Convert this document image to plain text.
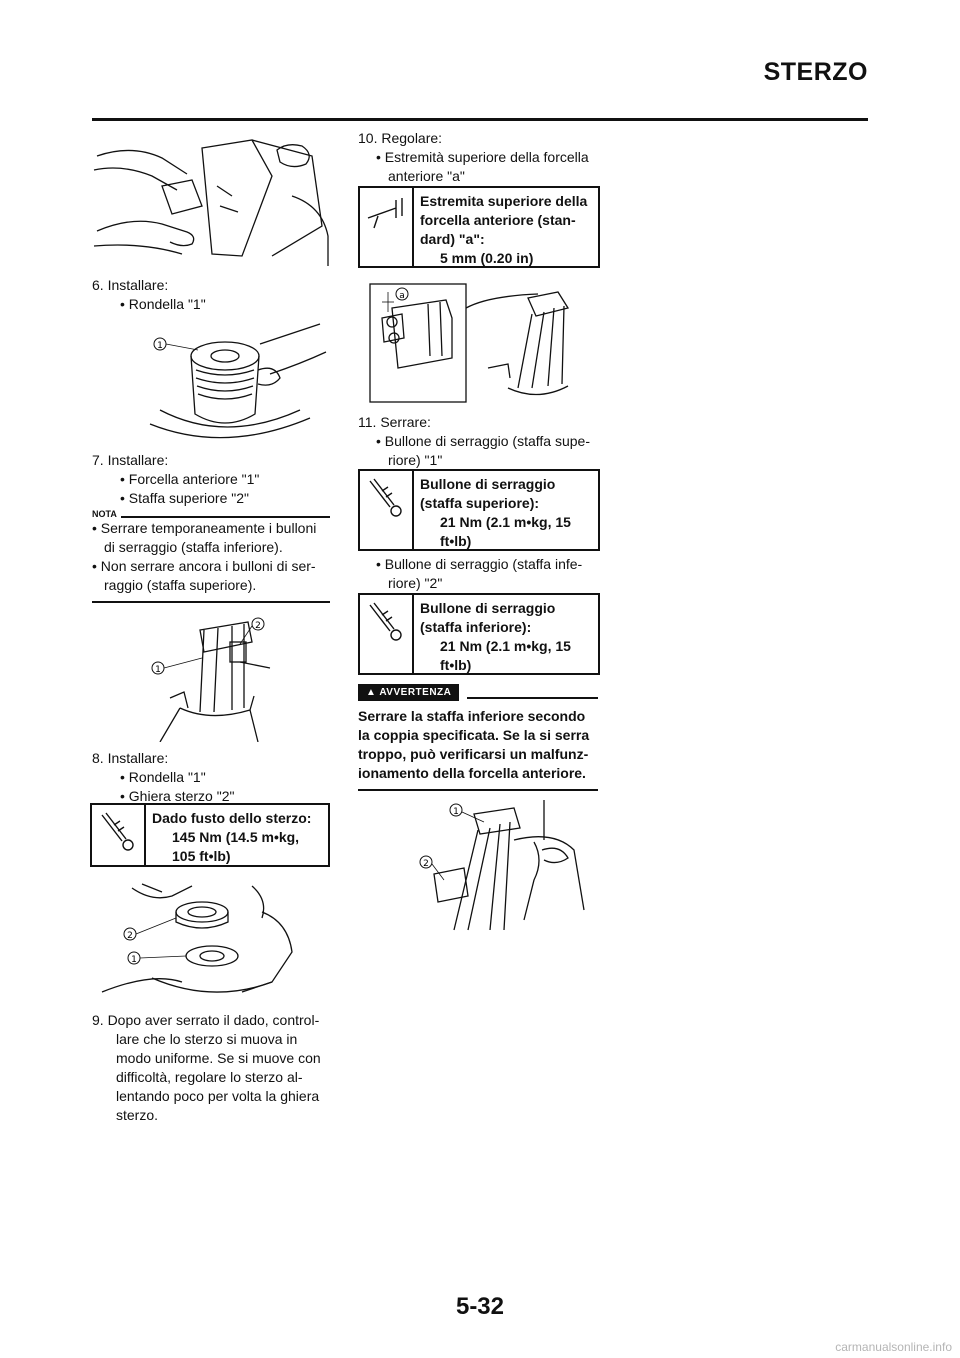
STERZO
6. Installare:
• Rondella "1"
1
7. Installare:
• Forcella anteriore "1"
• Staffa superiore "2"
NOTA
• Serrare temporaneamente i bulloni di serraggio (staffa inferiore).
• Non serrare ancora i bulloni di ser-raggio (staffa superiore).
1
2
8. Installare:
• Rondella "1"
• Ghiera sterzo "2"
Dado fusto dello sterzo:
145 Nm (14.5 m•kg, 105 ft•lb)
2
1
9. Dopo aver serrato il dado, control-lare che lo sterzo si muova in modo uniforme. Se si muove con difficoltà, regolare lo sterzo al-lentando poco per volta la ghiera sterzo.
10. Regolare:
• Estremità superiore della forcella anteriore "a"
Estremita superiore della forcella anteriore (stan-dard) "a":
5 mm (0.20 in)
a
11. Serrare:
• Bullone di serraggio (staffa supe-riore) "1"
Bullone di serraggio (staffa superiore):
21 Nm (2.1 m•kg, 15 ft•lb)
• Bullone di serraggio (staffa infe-riore) "2"
Bullone di serraggio (staffa inferiore):
21 Nm (2.1 m•kg, 15 ft•lb)
▲ AVVERTENZA
Serrare la staffa inferiore secondo la coppia specificata. Se la si serra troppo, può verificarsi un malfunz-ionamento della forcella anteriore.
1
2
5-32
carmanualsonline.info
